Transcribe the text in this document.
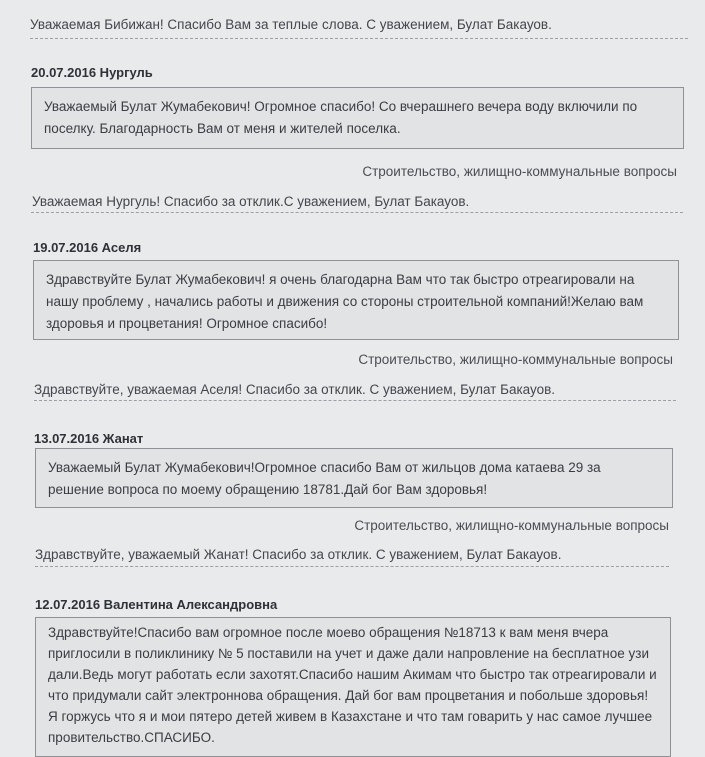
Уважаемая Бибижан! Спасибо Вам за теплые слова. С уважением, Булат Бакауов.
20.07.2016 Нургуль
Уважаемый Булат Жумабекович! Огромное спасибо! Со вчерашнего вечера воду включили по поселку. Благодарность Вам от меня и жителей поселка.
Строительство, жилищно-коммунальные вопросы
Уважаемая Нургуль! Спасибо за отклик.С уважением, Булат Бакауов.
19.07.2016 Аселя
Здравствуйте Булат Жумабекович! я очень благодарна Вам что так быстро отреагировали на нашу проблему , начались работы и движения со стороны строительной компаний!Желаю вам здоровья и процветания! Огромное спасибо!
Строительство, жилищно-коммунальные вопросы
Здравствуйте, уважаемая Аселя! Спасибо за отклик. С уважением, Булат Бакауов.
13.07.2016 Жанат
Уважаемый Булат Жумабекович!Огромное спасибо Вам от жильцов дома катаева 29 за решение вопроса по моему обращению 18781.Дай бог Вам здоровья!
Строительство, жилищно-коммунальные вопросы
Здравствуйте, уважаемый Жанат! Спасибо за отклик. С уважением, Булат Бакауов.
12.07.2016 Валентина Александровна
Здравствуйте!Спасибо вам огромное после моево обращения №18713 к вам меня вчера приглосили в поликлинику № 5 поставили на учет и даже дали напровление на бесплатное узи дали.Ведь могут работать если захотят.Спасибо нашим Акимам что быстро так отреагировали и что придумали сайт электроннова обращения. Дай бог вам процветания и побольше здоровья! Я горжусь что я и мои пятеро детей живем в Казахстане и что там говарить у нас самое лучшее провительство.СПАСИБО.
